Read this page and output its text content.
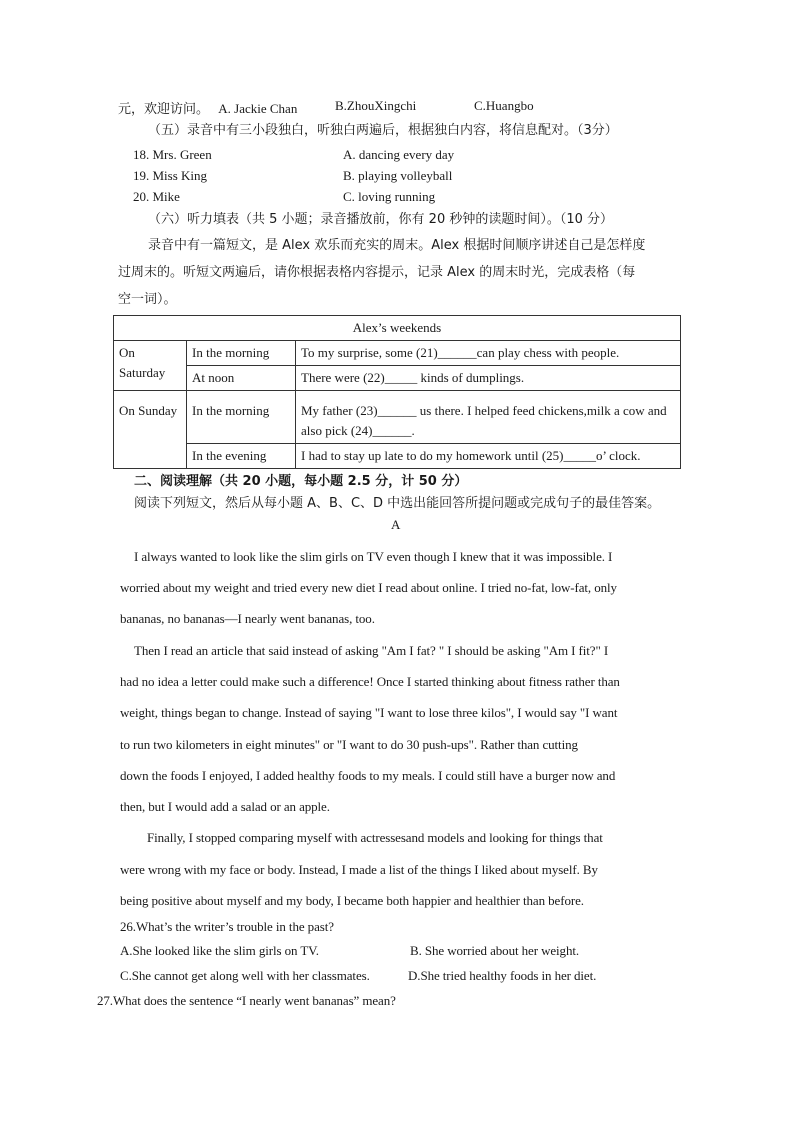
元，欢迎访问。 A. Jackie Chan	B.ZhouXingchi	C.Huangbo
（五）录音中有三小段独白，听独白两遍后，根据独白内容，将信息配对。（3分）
18. Mrs. Green	A. dancing every day
19. Miss King	B. playing volleyball
20. Mike	C. loving running
（六）听力填表（共 5 小题；录音播放前，你有 20 秒钟的读题时间）。（10 分）
录音中有一篇短文，是 Alex 欢乐而充实的周末。Alex 根据时间顺序讲述自己是怎样度
过周末的。听短文两遍后，请你根据表格内容提示，记录 Alex 的周末时光，完成表格（每
空一词）。
Alex’s weekends		
On Saturday	In the morning	To my surprise, some (21)______can play chess with people.
	At noon	There were (22)_____ kinds of dumplings.
On Sunday	In the morning	My father (23)______ us there. I helped feed chickens,milk a cow and also pick (24)______.
	In the evening	I had to stay up late to do my homework until (25)_____o’ clock.
二、阅读理解（共 20 小题，每小题 2.5 分，计 50 分）
阅读下列短文，然后从每小题 A、B、C、D 中选出能回答所提问题或完成句子的最佳答案。
A
I always wanted to look like the slim girls on TV even though I knew that it was impossible. I
worried about my weight and tried every new diet I read about online. I tried no-fat, low-fat, only
bananas, no bananas—I nearly went bananas, too.
Then I read an article that said instead of asking "Am I fat? " I should be asking "Am I fit?" I
had no idea a letter could make such a difference! Once I started thinking about fitness rather than
weight, things began to change. Instead of saying "I want to lose three kilos", I would say "I want
to run two kilometers in eight minutes" or "I want to do 30 push-ups". Rather than cutting
down the foods I enjoyed, I added healthy foods to my meals. I could still have a burger now and
then, but I would add a salad or an apple.
Finally, I stopped comparing myself with actressesand models and looking for things that
were wrong with my face or body. Instead, I made a list of the things I liked about myself. By
being positive about myself and my body, I became both happier and healthier than before.
26.What’s the writer’s trouble in the past?
A.She looked like the slim girls on TV.	B. She worried about her weight.
C.She cannot get along well with her classmates.	D.She tried healthy foods in her diet.
27.What does the sentence “I nearly went bananas” mean?
